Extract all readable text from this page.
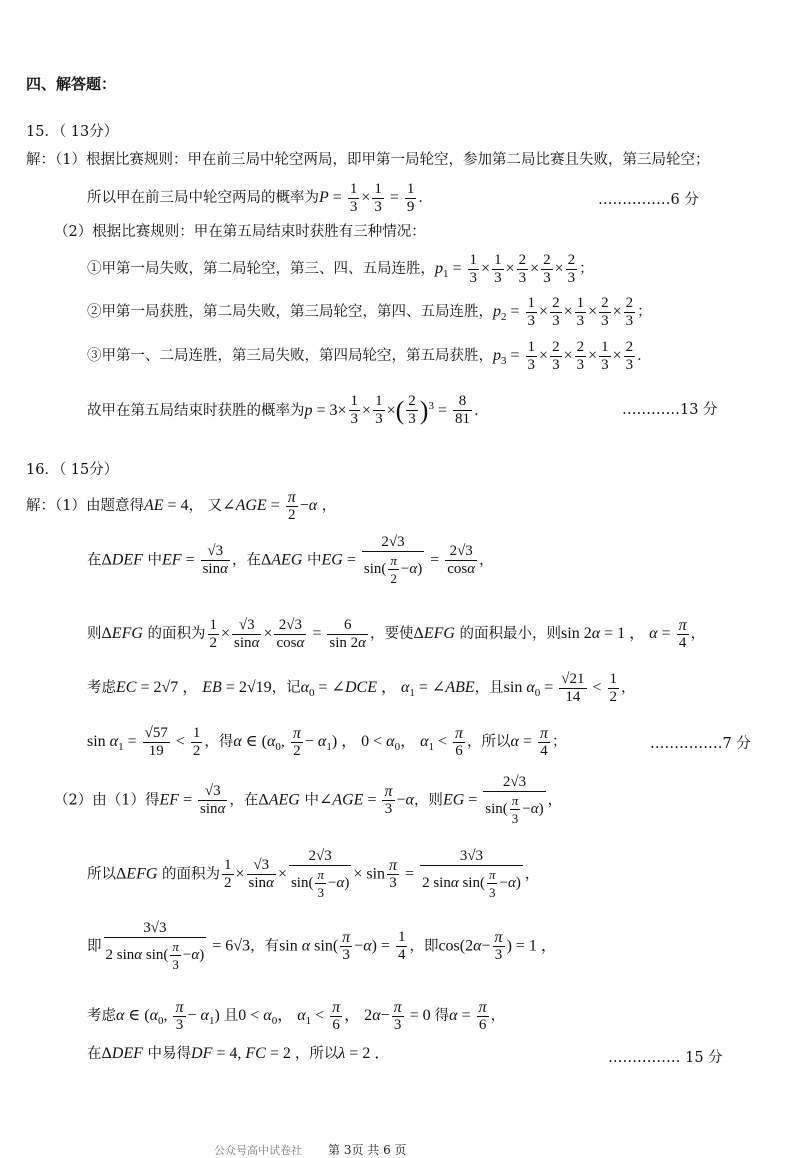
四、解答题：
15．（ 13分）
解：（1）根据比赛规则：甲在前三局中轮空两局，即甲第一局轮空，参加第二局比赛且失败，第三局轮空；
所以甲在前三局中轮空两局的概率为$P = \frac{1}{3} \times \frac{1}{3} = \frac{1}{9}$ ．	……………6 分
（2）根据比赛规则：甲在第五局结束时获胜有三种情况：
①甲第一局失败，第二局轮空，第三、四、五局连胜，$p_1 = \frac{1}{3} \times \frac{1}{3} \times \frac{2}{3} \times \frac{2}{3} \times \frac{2}{3}$ ；
②甲第一局获胜，第二局失败，第三局轮空，第四、五局连胜，$p_2 = \frac{1}{3} \times \frac{2}{3} \times \frac{1}{3} \times \frac{2}{3} \times \frac{2}{3}$ ；
③甲第一、二局连胜，第三局失败，第四局轮空，第五局获胜，$p_3 = \frac{1}{3} \times \frac{2}{3} \times \frac{2}{3} \times \frac{1}{3} \times \frac{2}{3}$ ．
故甲在第五局结束时获胜的概率为$p = 3\times \frac{1}{3} \times \frac{1}{3}$ ×( $\frac{2}{3} )^3 = \frac{8}{81}$ ．	…………13 分
16．（ 15分）
解：（1）由题意得AE = 4， 又∠AGE = $\frac{\pi}{2} -\alpha$ ，
在ΔDEF 中EF = $\frac{√3}{\sin\alpha}$ ，在ΔAEG 中EG = $\frac{2√3}{\sin( \frac{\pi}{2} -\alpha)} = \frac{2√3}{\cos\alpha}$ ，
则ΔEFG 的面积为 $\frac{1}{2} \times \frac{√3}{\sin\alpha} \times \frac{2√3}{\cos\alpha} = \frac{6}{\sin 2\alpha}$ ，要使ΔEFG 的面积最小，则sin 2α = 1 ， $\alpha = \frac{\pi}{4}$ ，
考虑EC = 2√7 ， EB = 2√19，记$\alpha_0$ = ∠DCE ， $\alpha_1$ = ∠ABE，且$\sin \alpha_0 = \frac{√21}{14} < \frac{1}{2}$ ，
$\sin \alpha_1 = \frac{√57}{19} < \frac{1}{2}$ ，得α ∈ ($\alpha_0$, $\frac{\pi}{2} - \alpha_1$) ， $0 < \alpha_0$， $\alpha_1 < \frac{\pi}{6}$ ，所以$\alpha = \frac{\pi}{4}$ ；	……………7 分
（2）由（1）得EF = $\frac{√3}{\sin\alpha}$ ，在ΔAEG 中∠AGE = $\frac{\pi}{3} -\alpha$，则EG = $\frac{2√3}{\sin( \frac{\pi}{3} -\alpha)}$ ，
所以ΔEFG 的面积为 $\frac{1}{2} \times \frac{√3}{\sin\alpha} \times \frac{2√3}{\sin( \frac{\pi}{3} -\alpha)} \times \sin \frac{\pi}{3} = \frac{3√3}{2 \sin\alpha \sin( \frac{\pi}{3} -\alpha)}$ ，
即 $\frac{3√3}{2 \sin\alpha \sin( \frac{\pi}{3} -\alpha)} = 6√3$，有sin α $\sin( \frac{\pi}{3} -\alpha) = \frac{1}{4}$ ，即$\cos(2\alpha- \frac{\pi}{3}$ ) = 1 ，
考虑α ∈ ($\alpha_0$, $\frac{\pi}{3} - \alpha_1$) 且$0 < \alpha_0$， $\alpha_1 < \frac{\pi}{6}$ ， $2\alpha- \frac{\pi}{3} = 0$ 得$\alpha = \frac{\pi}{6}$ ，
在ΔDEF 中易得DF = 4, FC = 2 ，所以λ = 2 ．	…………… 15 分
公众号高中试卷社 第 3页 共 6 页
